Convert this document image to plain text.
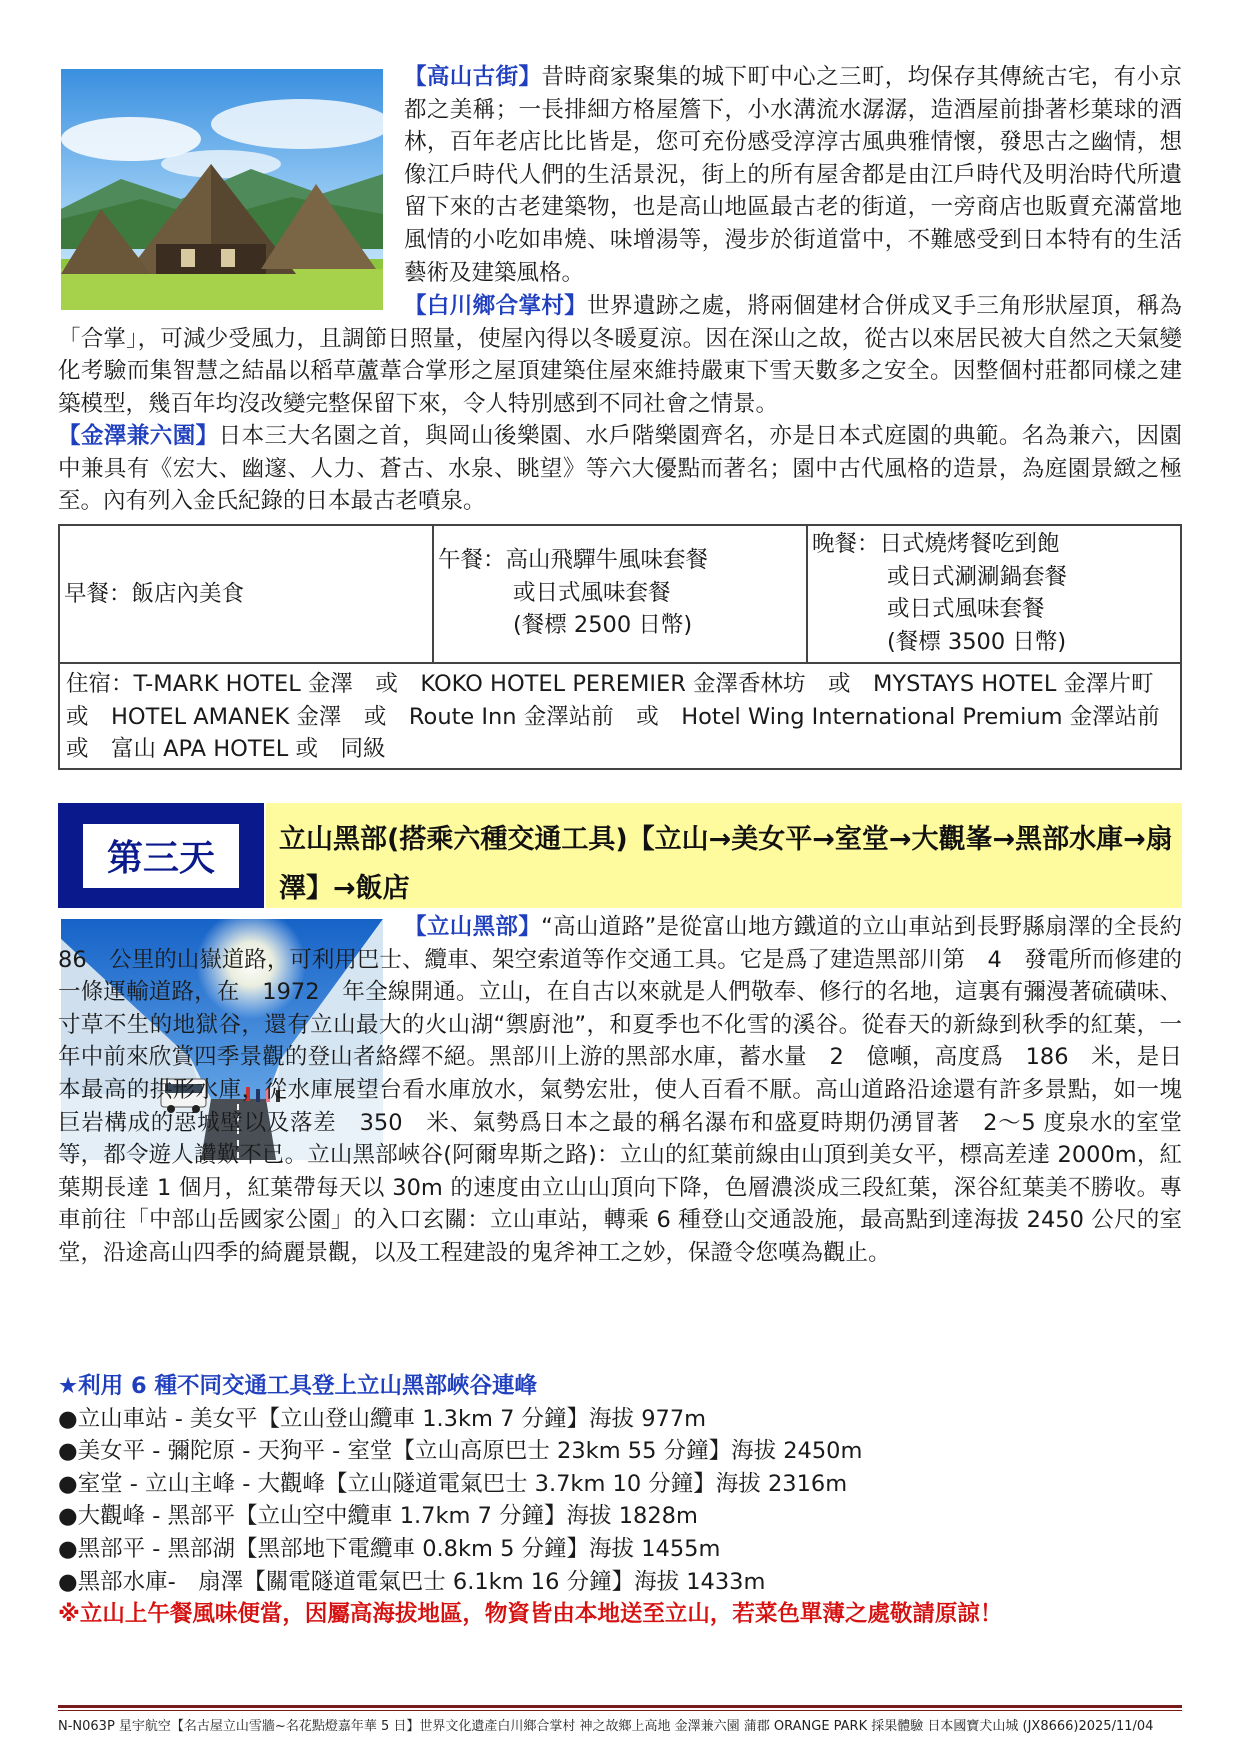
【高山古街】昔時商家聚集的城下町中心之三町，均保存其傳統古宅，有小京都之美稱；一長排細方格屋簷下，小水溝流水潺潺，造酒屋前掛著杉葉球的酒林，百年老店比比皆是，您可充份感受淳淳古風典雅情懷，發思古之幽情，想像江戶時代人們的生活景況，街上的所有屋舍都是由江戶時代及明治時代所遺留下來的古老建築物，也是高山地區最古老的街道，一旁商店也販賣充滿當地風情的小吃如串燒、味增湯等，漫步於街道當中，不難感受到日本特有的生活藝術及建築風格。
【白川鄉合掌村】世界遺跡之處，將兩個建材合併成叉手三角形狀屋頂，稱為「合掌」，可減少受風力，且調節日照量，使屋內得以冬暖夏涼。因在深山之故，從古以來居民被大自然之天氣變化考驗而集智慧之結晶以稻草蘆葦合掌形之屋頂建築住屋來維持嚴東下雪天數多之安全。因整個村莊都同樣之建築模型，幾百年均沒改變完整保留下來，令人特別感到不同社會之情景。
【金澤兼六園】日本三大名園之首，與岡山後樂園、水戶階樂園齊名，亦是日本式庭園的典範。名為兼六，因園中兼具有《宏大、幽邃、人力、蒼古、水泉、眺望》等六大優點而著名；園中古代風格的造景，為庭園景緻之極至。內有列入金氏紀錄的日本最古老噴泉。
早餐：飯店內美食
午餐：高山飛驒牛風味套餐
或日式風味套餐
(餐標 2500 日幣)
晚餐：日式燒烤餐吃到飽
或日式涮涮鍋套餐
或日式風味套餐
(餐標 3500 日幣)
住宿：T-MARK HOTEL 金澤　或　KOKO HOTEL PEREMIER 金澤香林坊　或　MYSTAYS HOTEL 金澤片町　或　HOTEL AMANEK 金澤　或　Route Inn 金澤站前　或　Hotel Wing International Premium 金澤站前　或　富山 APA HOTEL 或　同級
第三天 立山黑部(搭乘六種交通工具)【立山→美女平→室堂→大觀峯→黑部水庫→扇澤】→飯店
【立山黑部】“高山道路”是從富山地方鐵道的立山車站到長野縣扇澤的全長約 86　公里的山嶽道路，可利用巴士、纜車、架空索道等作交通工具。它是爲了建造黑部川第　4　發電所而修建的一條運輸道路，在　1972　年全線開通。立山，在自古以來就是人們敬奉、修行的名地，這裏有彌漫著硫磺味、寸草不生的地獄谷，還有立山最大的火山湖“禦廚池”，和夏季也不化雪的溪谷。從春天的新綠到秋季的紅葉，一年中前來欣賞四季景觀的登山者絡繹不絕。黑部川上游的黑部水庫，蓄水量　2　億噸，高度爲　186　米，是日本最高的拱形水庫，從水庫展望台看水庫放水，氣勢宏壯，使人百看不厭。高山道路沿途還有許多景點，如一塊巨岩構成的惡城壁以及落差　350　米、氣勢爲日本之最的稱名瀑布和盛夏時期仍湧冒著　2～5 度泉水的室堂等，都令遊人讚歎不已。立山黑部峽谷(阿爾卑斯之路)：立山的紅葉前線由山頂到美女平，標高差達 2000m，紅葉期長達 1 個月，紅葉帶每天以 30m 的速度由立山山頂向下降，色層濃淡成三段紅葉，深谷紅葉美不勝收。專車前往「中部山岳國家公園」的入口玄關：立山車站，轉乘 6 種登山交通設施，最高點到達海拔 2450 公尺的室堂，沿途高山四季的綺麗景觀，以及工程建設的鬼斧神工之妙，保證令您嘆為觀止。
★利用 6 種不同交通工具登上立山黑部峽谷連峰
●立山車站 - 美女平【立山登山纜車 1.3km 7 分鐘】海拔 977m
●美女平 - 彌陀原 - 天狗平 - 室堂【立山高原巴士 23km 55 分鐘】海拔 2450m
●室堂 - 立山主峰 - 大觀峰【立山隧道電氣巴士 3.7km 10 分鐘】海拔 2316m
●大觀峰 - 黑部平【立山空中纜車 1.7km 7 分鐘】海拔 1828m
●黑部平 - 黑部湖【黑部地下電纜車 0.8km 5 分鐘】海拔 1455m
●黑部水庫-　扇澤【關電隧道電氣巴士 6.1km 16 分鐘】海拔 1433m
※立山上午餐風味便當，因屬高海拔地區，物資皆由本地送至立山，若菜色單薄之處敬請原諒！
N-N063P 星宇航空【名古屋立山雪牆~名花點燈嘉年華 5 日】世界文化遺產白川鄉合掌村 神之故鄉上高地 金澤兼六園 蒲郡 ORANGE PARK 採果體驗 日本國寶犬山城 (JX8666)2025/11/04
